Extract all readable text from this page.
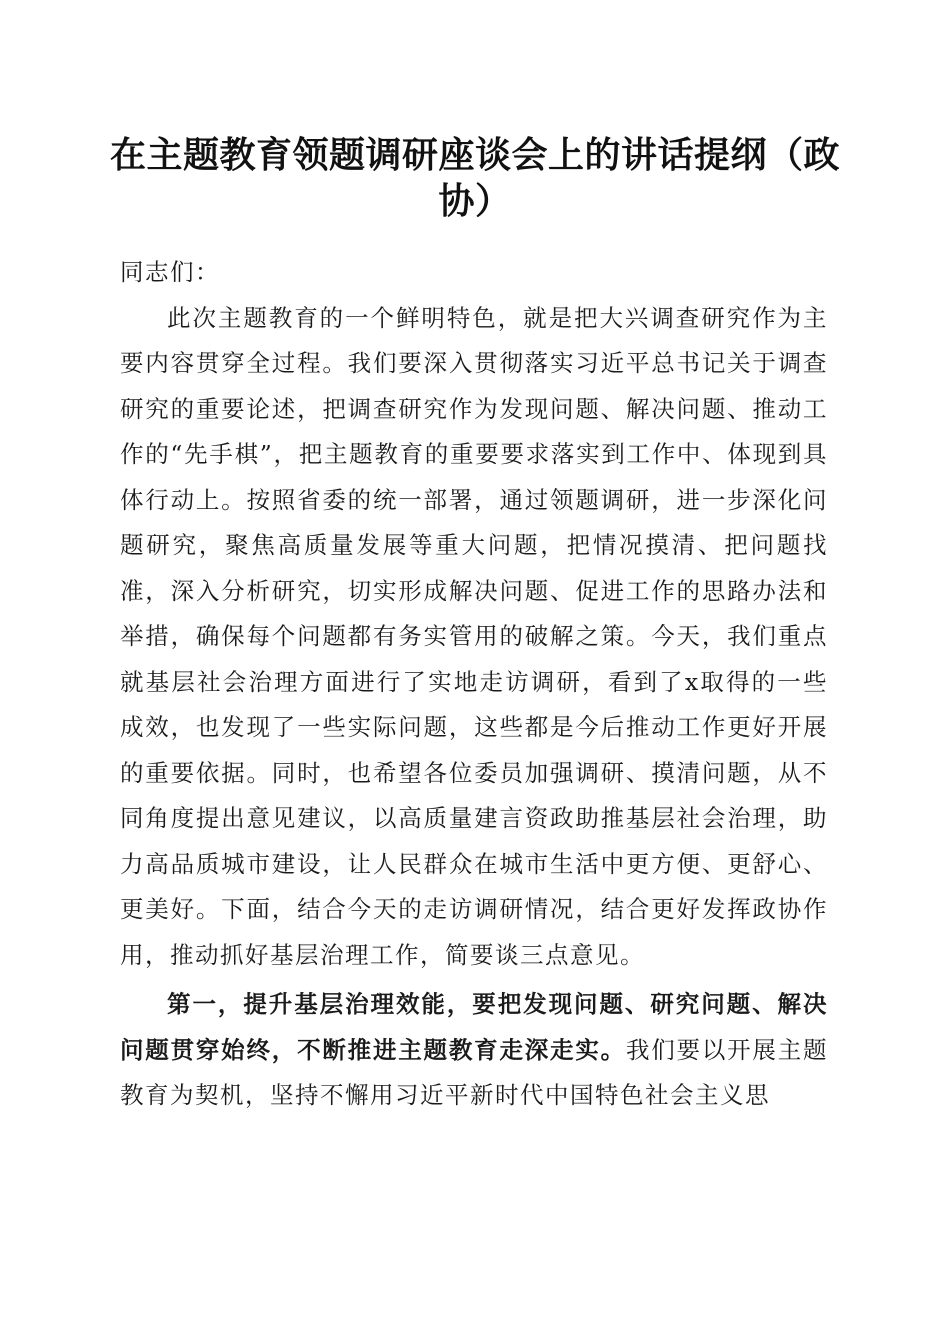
在主题教育领题调研座谈会上的讲话提纲（政协）

同志们：

此次主题教育的一个鲜明特色，就是把大兴调查研究作为主要内容贯穿全过程。我们要深入贯彻落实习近平总书记关于调查研究的重要论述，把调查研究作为发现问题、解决问题、推动工作的“先手棋”，把主题教育的重要要求落实到工作中、体现到具体行动上。按照省委的统一部署，通过领题调研，进一步深化问题研究，聚焦高质量发展等重大问题，把情况摸清、把问题找准，深入分析研究，切实形成解决问题、促进工作的思路办法和举措，确保每个问题都有务实管用的破解之策。今天，我们重点就基层社会治理方面进行了实地走访调研，看到了x取得的一些成效，也发现了一些实际问题，这些都是今后推动工作更好开展的重要依据。同时，也希望各位委员加强调研、摸清问题，从不同角度提出意见建议，以高质量建言资政助推基层社会治理，助力高品质城市建设，让人民群众在城市生活中更方便、更舒心、更美好。下面，结合今天的走访调研情况，结合更好发挥政协作用，推动抓好基层治理工作，简要谈三点意见。

第一，提升基层治理效能，要把发现问题、研究问题、解决问题贯穿始终，不断推进主题教育走深走实。我们要以开展主题教育为契机，坚持不懈用习近平新时代中国特色社会主义思
